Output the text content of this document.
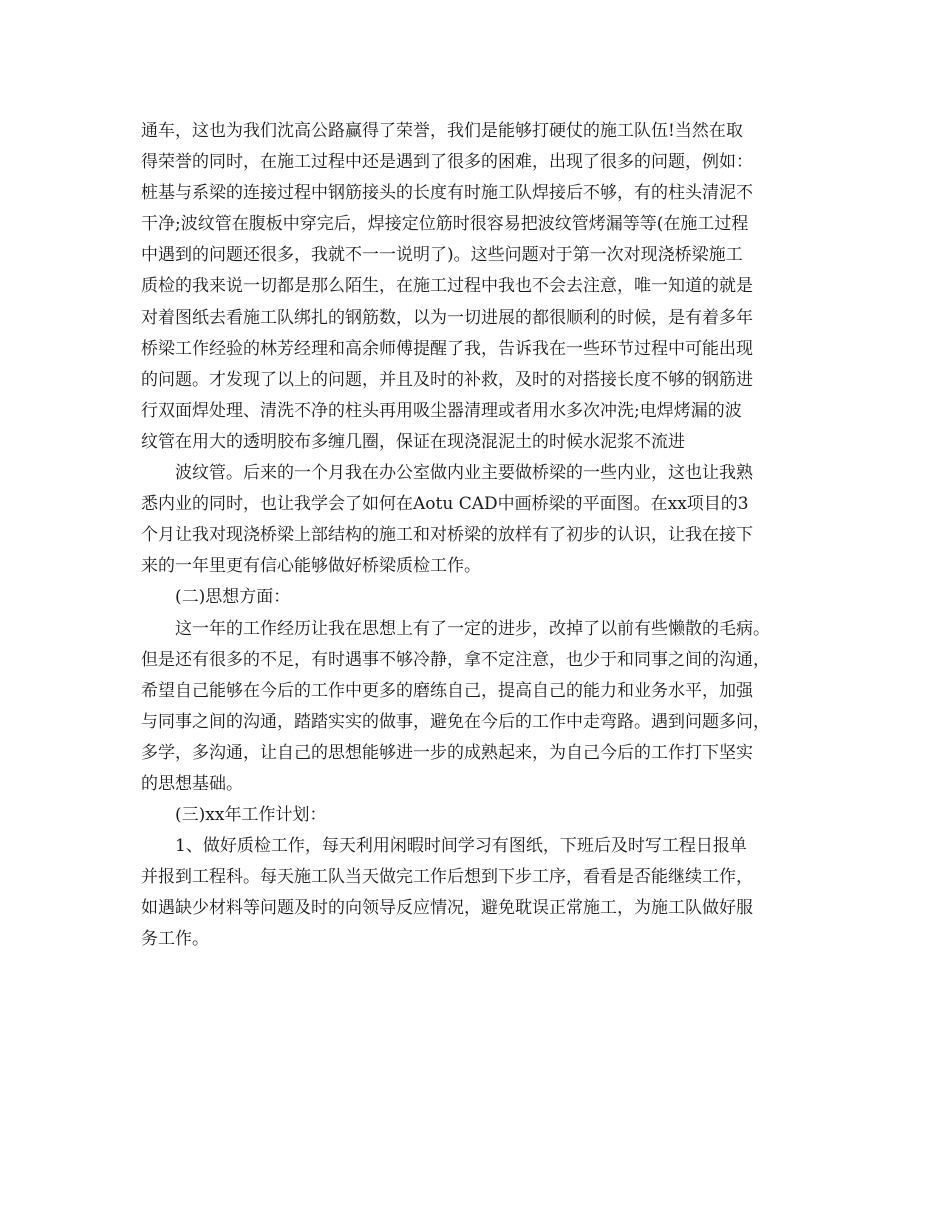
通车，这也为我们沈高公路赢得了荣誉，我们是能够打硬仗的施工队伍!当然在取
得荣誉的同时，在施工过程中还是遇到了很多的困难，出现了很多的问题，例如：
桩基与系梁的连接过程中钢筋接头的长度有时施工队焊接后不够，有的柱头清泥不
干净;波纹管在腹板中穿完后，焊接定位筋时很容易把波纹管烤漏等等(在施工过程
中遇到的问题还很多，我就不一一说明了)。这些问题对于第一次对现浇桥梁施工
质检的我来说一切都是那么陌生，在施工过程中我也不会去注意，唯一知道的就是
对着图纸去看施工队绑扎的钢筋数，以为一切进展的都很顺利的时候，是有着多年
桥梁工作经验的林芳经理和高余师傅提醒了我，告诉我在一些环节过程中可能出现
的问题。才发现了以上的问题，并且及时的补救，及时的对搭接长度不够的钢筋进
行双面焊处理、清洗不净的柱头再用吸尘器清理或者用水多次冲洗;电焊烤漏的波
纹管在用大的透明胶布多缠几圈，保证在现浇混泥土的时候水泥浆不流进
波纹管。后来的一个月我在办公室做内业主要做桥梁的一些内业，这也让我熟
悉内业的同时，也让我学会了如何在Aotu CAD中画桥梁的平面图。在xx项目的3
个月让我对现浇桥梁上部结构的施工和对桥梁的放样有了初步的认识，让我在接下
来的一年里更有信心能够做好桥梁质检工作。
(二)思想方面：
这一年的工作经历让我在思想上有了一定的进步，改掉了以前有些懒散的毛病。
但是还有很多的不足，有时遇事不够冷静，拿不定注意，也少于和同事之间的沟通，
希望自己能够在今后的工作中更多的磨练自己，提高自己的能力和业务水平，加强
与同事之间的沟通，踏踏实实的做事，避免在今后的工作中走弯路。遇到问题多问，
多学，多沟通，让自己的思想能够进一步的成熟起来，为自己今后的工作打下坚实
的思想基础。
(三)xx年工作计划：
1、做好质检工作，每天利用闲暇时间学习有图纸，下班后及时写工程日报单
并报到工程科。每天施工队当天做完工作后想到下步工序，看看是否能继续工作，
如遇缺少材料等问题及时的向领导反应情况，避免耽误正常施工，为施工队做好服
务工作。
